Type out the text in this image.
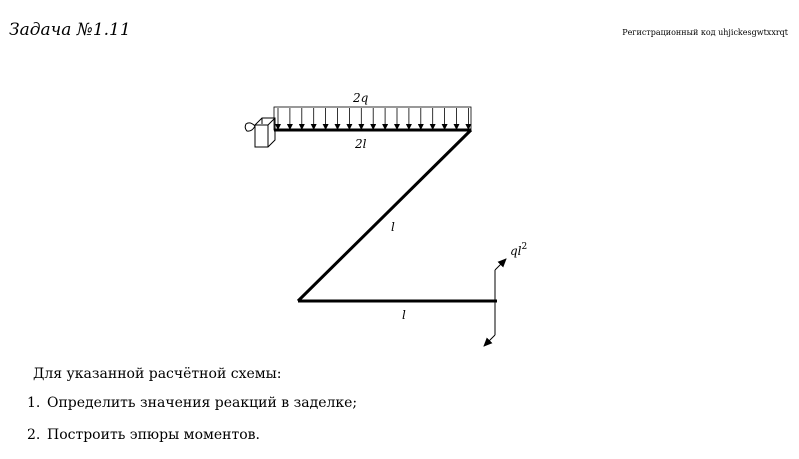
Задача №1.11	Регистрационный код uhjickesgwtxxrqt
2q
2l
l
l
$ql^2$
Для указанной расчётной схемы:
1. Определить значения реакций в заделке;
2. Построить эпюры моментов.
